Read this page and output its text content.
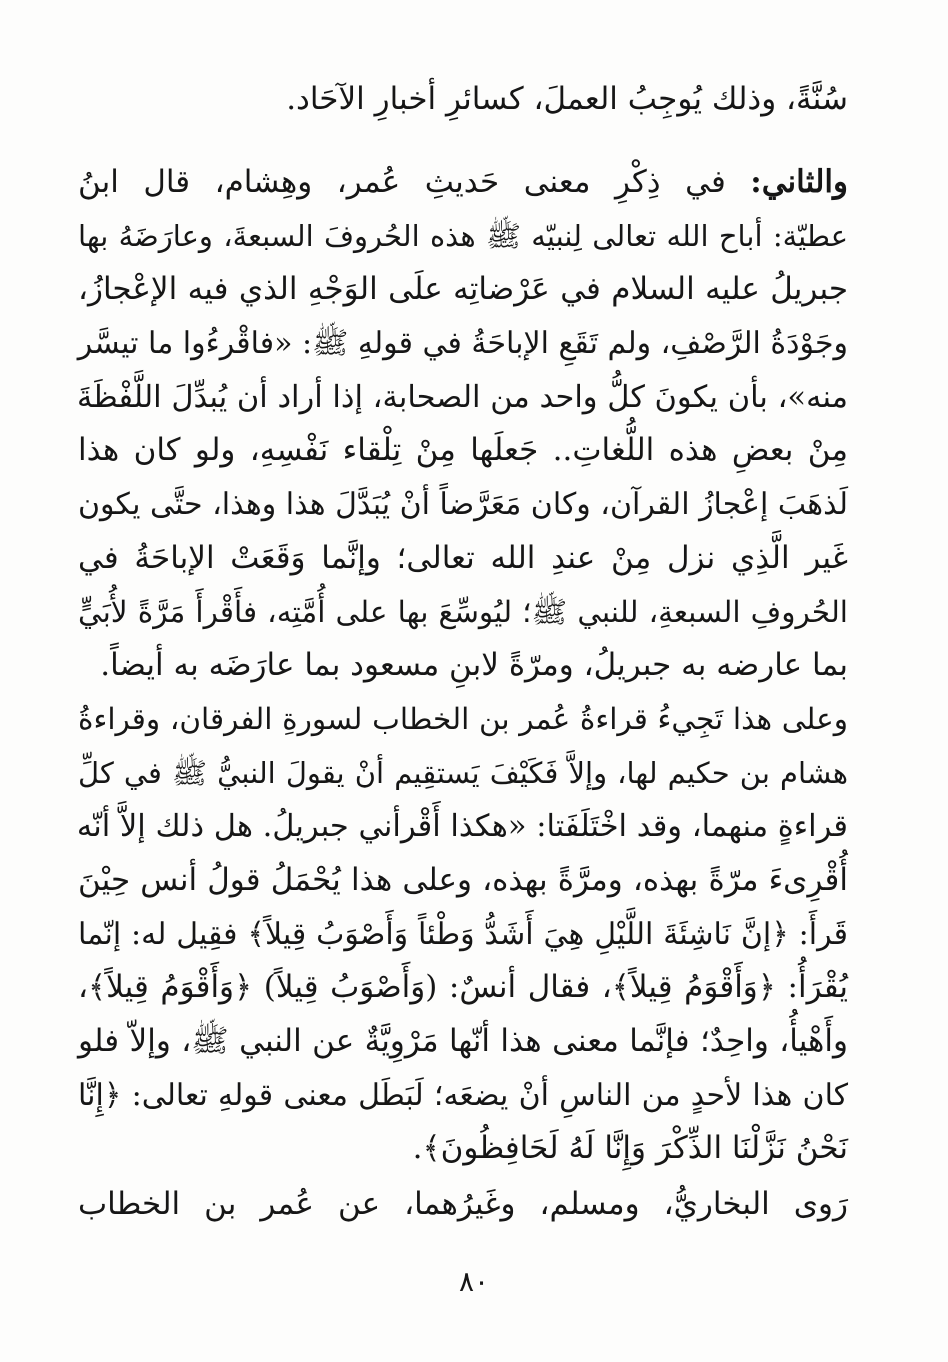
سُنَّةً، وذلك يُوجِبُ العملَ، كسائرِ أخبارِ الآحَاد.
والثاني: في ذِكْرِ معنى حَديثِ عُمر، وهِشام، قال ابنُ
عطيّة: أباح الله تعالى لِنبيّه ﷺ هذه الحُروفَ السبعةَ، وعارَضَهُ بها
جبريلُ عليه السلام في عَرْضاتِه علَى الوَجْهِ الذي فيه الإعْجازُ،
وجَوْدَةُ الرَّصْفِ، ولم تَقَعِ الإباحَةُ في قولهِ ﷺ: «فاقْرءُوا ما تيسَّر
منه»، بأن يكونَ كلُّ واحد من الصحابة، إذا أراد أن يُبدِّلَ اللَّفْظَةَ
مِنْ بعضِ هذه اللُّغاتِ.. جَعلَها مِنْ تِلْقاء نَفْسِهِ، ولو كان هذا
لَذهَبَ إعْجازُ القرآن، وكان مَعَرَّضاً أنْ يُبَدَّلَ هذا وهذا، حتَّى يكون
غَير الَّذِي نزل مِنْ عندِ الله تعالى؛ وإنَّما وَقَعَتْ الإباحَةُ في
الحُروفِ السبعةِ، للنبي ﷺ؛ ليُوسِّعَ بها على أُمَّتِه، فأَقْرأَ مَرَّةً لأُبَيٍّ
بما عارضه به جبريلُ، ومرّةً لابنِ مسعود بما عارَضَه به أيضاً.
وعلى هذا تَجِيءُ قراءةُ عُمر بن الخطاب لسورةِ الفرقان، وقراءةُ
هشام بن حكيم لها، وإلاَّ فَكَيْفَ يَستقِيم أنْ يقولَ النبيُّ ﷺ في كلِّ
قراءةٍ منهما، وقد اخْتَلَفَتا: «هكذا أَقْرأني جبريلُ. هل ذلك إلاَّ أنّه
أُقْرِىءَ مرّةً بهذه، ومرَّةً بهذه، وعلى هذا يُحْمَلُ قولُ أنس حِيْنَ
قَرأَ: ﴿إنَّ نَاشِئَةَ اللَّيْلِ هِيَ أَشَدُّ وَطْئاً وَأَصْوَبُ قِيلاً﴾ فقِيل له: إنّما
يُقْرَأُ: ﴿وَأَقْوَمُ قِيلاً﴾، فقال أنسٌ: (وَأَصْوَبُ قِيلاً) ﴿وَأَقْوَمُ قِيلاً﴾،
وأَهْيأُ، واحِدٌ؛ فإنَّما معنى هذا أنّها مَرْوِيَّةٌ عن النبي ﷺ، وإلاّ فلو
كان هذا لأحدٍ من الناسِ أنْ يضعَه؛ لَبَطَل معنى قولهِ تعالى: ﴿إِنَّا
نَحْنُ نَزَّلْنَا الذِّكْرَ وَإِنَّا لَهُ لَحَافِظُونَ﴾.
رَوى البخاريُّ، ومسلم، وغَيرُهما، عن عُمر بن الخطاب
٨٠
